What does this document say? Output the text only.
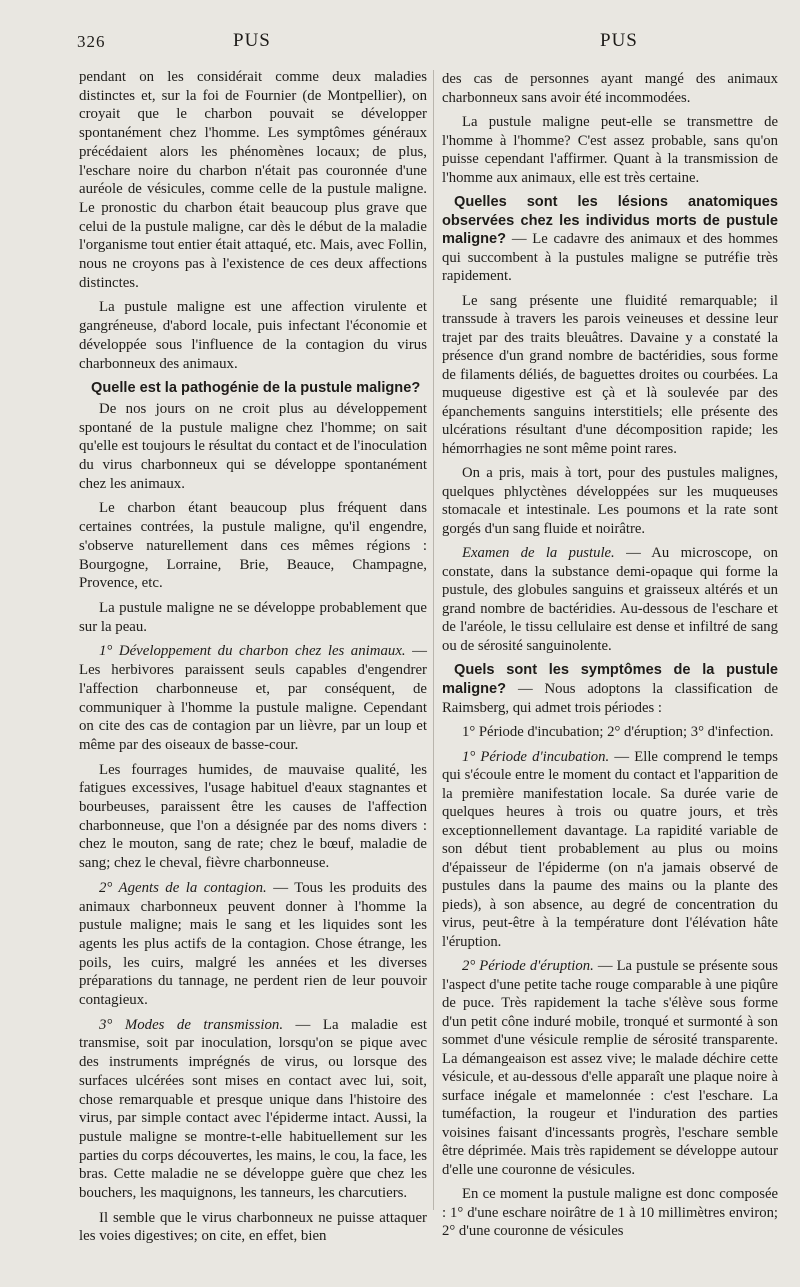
326	PUS	PUS

pendant on les considérait comme deux maladies distinctes et, sur la foi de Fournier (de Montpellier), on croyait que le charbon pouvait se développer spontanément chez l'homme. Les symptômes généraux précédaient alors les phénomènes locaux; de plus, l'eschare noire du charbon n'était pas couronnée d'une auréole de vésicules, comme celle de la pustule maligne. Le pronostic du charbon était beaucoup plus grave que celui de la pustule maligne, car dès le début de la maladie l'organisme tout entier était attaqué, etc. Mais, avec Follin, nous ne croyons pas à l'existence de ces deux affections distinctes.

La pustule maligne est une affection virulente et gangréneuse, d'abord locale, puis infectant l'économie et développée sous l'influence de la contagion du virus charbonneux des animaux.

Quelle est la pathogénie de la pustule maligne?

De nos jours on ne croit plus au développement spontané de la pustule maligne chez l'homme; on sait qu'elle est toujours le résultat du contact et de l'inoculation du virus charbonneux qui se développe spontanément chez les animaux.

Le charbon étant beaucoup plus fréquent dans certaines contrées, la pustule maligne, qu'il engendre, s'observe naturellement dans ces mêmes régions : Bourgogne, Lorraine, Brie, Beauce, Champagne, Provence, etc.

La pustule maligne ne se développe probablement que sur la peau.

1° Développement du charbon chez les animaux. — Les herbivores paraissent seuls capables d'engendrer l'affection charbonneuse et, par conséquent, de communiquer à l'homme la pustule maligne. Cependant on cite des cas de contagion par un lièvre, par un loup et même par des oiseaux de basse-cour.

Les fourrages humides, de mauvaise qualité, les fatigues excessives, l'usage habituel d'eaux stagnantes et bourbeuses, paraissent être les causes de l'affection charbonneuse, que l'on a désignée par des noms divers : chez le mouton, sang de rate; chez le bœuf, maladie de sang; chez le cheval, fièvre charbonneuse.

2° Agents de la contagion. — Tous les produits des animaux charbonneux peuvent donner à l'homme la pustule maligne; mais le sang et les liquides sont les agents les plus actifs de la contagion. Chose étrange, les poils, les cuirs, malgré les années et les diverses préparations du tannage, ne perdent rien de leur pouvoir contagieux.

3° Modes de transmission. — La maladie est transmise, soit par inoculation, lorsqu'on se pique avec des instruments imprégnés de virus, ou lorsque des surfaces ulcérées sont mises en contact avec lui, soit, chose remarquable et presque unique dans l'histoire des virus, par simple contact avec l'épiderme intact. Aussi, la pustule maligne se montre-t-elle habituellement sur les parties du corps découvertes, les mains, le cou, la face, les bras. Cette maladie ne se développe guère que chez les bouchers, les maquignons, les tanneurs, les charcutiers.

Il semble que le virus charbonneux ne puisse attaquer les voies digestives; on cite, en effet, bien

des cas de personnes ayant mangé des animaux charbonneux sans avoir été incommodées.

La pustule maligne peut-elle se transmettre de l'homme à l'homme? C'est assez probable, sans qu'on puisse cependant l'affirmer. Quant à la transmission de l'homme aux animaux, elle est très certaine.

Quelles sont les lésions anatomiques observées chez les individus morts de pustule maligne? — Le cadavre des animaux et des hommes qui succombent à la pustules maligne se putréfie très rapidement.

Le sang présente une fluidité remarquable; il transsude à travers les parois veineuses et dessine leur trajet par des traits bleuâtres. Davaine y a constaté la présence d'un grand nombre de bactéridies, sous forme de filaments déliés, de baguettes droites ou courbées. La muqueuse digestive est çà et là soulevée par des épanchements sanguins interstitiels; elle présente des ulcérations résultant d'une décomposition rapide; les hémorrhagies ne sont même point rares.

On a pris, mais à tort, pour des pustules malignes, quelques phlyctènes développées sur les muqueuses stomacale et intestinale. Les poumons et la rate sont gorgés d'un sang fluide et noirâtre.

Examen de la pustule. — Au microscope, on constate, dans la substance demi-opaque qui forme la pustule, des globules sanguins et graisseux altérés et un grand nombre de bactéridies. Au-dessous de l'eschare et de l'aréole, le tissu cellulaire est dense et infiltré de sang ou de sérosité sanguinolente.

Quels sont les symptômes de la pustule maligne? — Nous adoptons la classification de Raimsberg, qui admet trois périodes :

1° Période d'incubation; 2° d'éruption; 3° d'infection.

1° Période d'incubation. — Elle comprend le temps qui s'écoule entre le moment du contact et l'apparition de la première manifestation locale. Sa durée varie de quelques heures à trois ou quatre jours, et très exceptionnellement davantage. La rapidité variable de son début tient probablement au plus ou moins d'épaisseur de l'épiderme (on n'a jamais observé de pustules dans la paume des mains ou la plante des pieds), à son absence, au degré de concentration du virus, peut-être à la température dont l'élévation hâte l'éruption.

2° Période d'éruption. — La pustule se présente sous l'aspect d'une petite tache rouge comparable à une piqûre de puce. Très rapidement la tache s'élève sous forme d'un petit cône induré mobile, tronqué et surmonté à son sommet d'une vésicule remplie de sérosité transparente. La démangeaison est assez vive; le malade déchire cette vésicule, et au-dessous d'elle apparaît une plaque noire à surface inégale et mamelonnée : c'est l'eschare. La tuméfaction, la rougeur et l'induration des parties voisines faisant d'incessants progrès, l'eschare semble être déprimée. Mais très rapidement se développe autour d'elle une couronne de vésicules.

En ce moment la pustule maligne est donc composée : 1° d'une eschare noirâtre de 1 à 10 millimètres environ; 2° d'une couronne de vésicules
